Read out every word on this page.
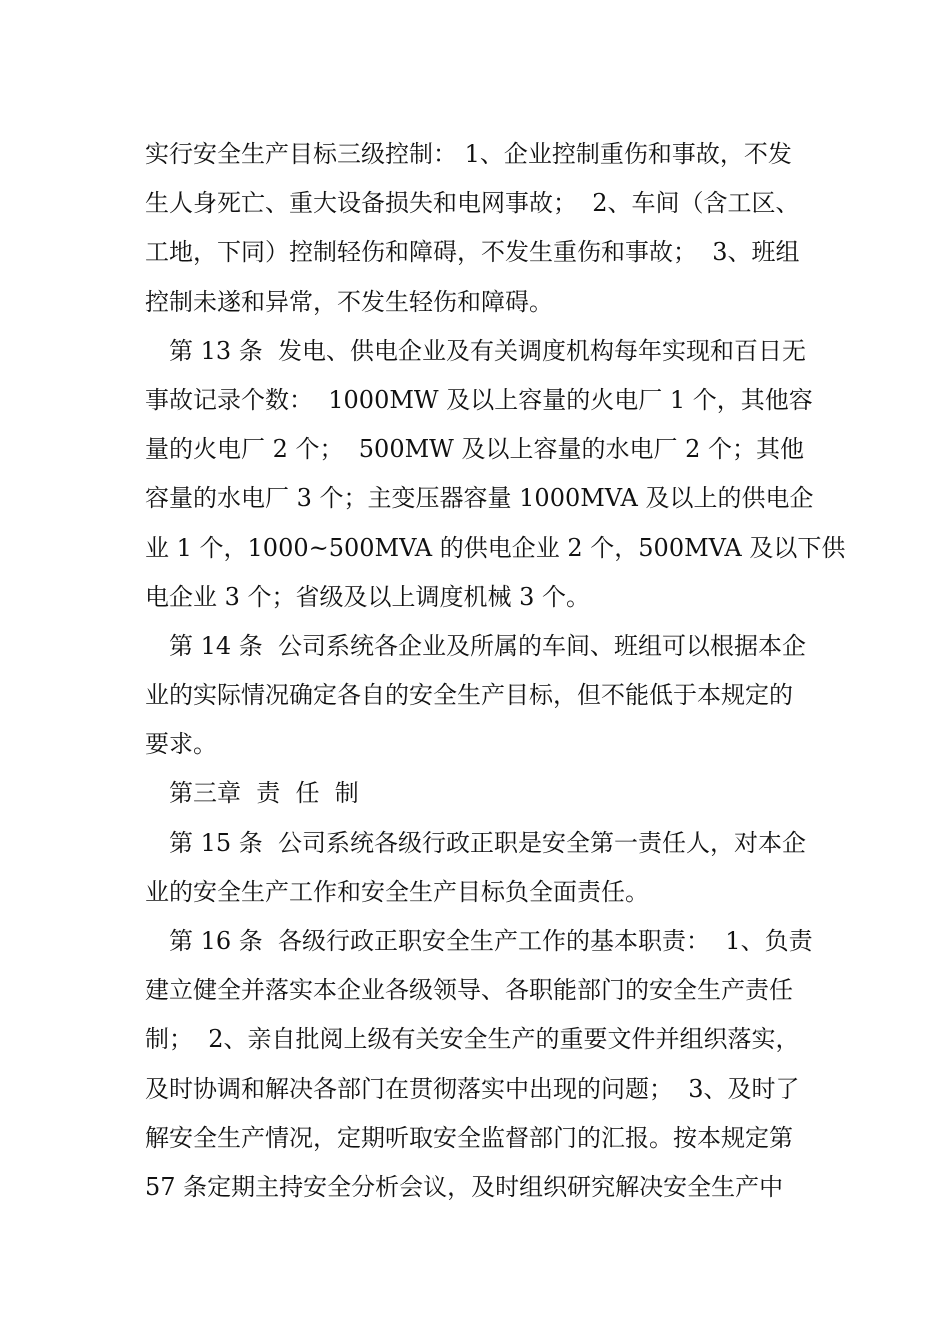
实行安全生产目标三级控制： 1、企业控制重伤和事故，不发
生人身死亡、重大设备损失和电网事故；  2、车间（含工区、
工地，下同）控制轻伤和障碍，不发生重伤和事故；  3、班组
控制未遂和异常，不发生轻伤和障碍。
第 13 条  发电、供电企业及有关调度机构每年实现和百日无
事故记录个数：  1000MW 及以上容量的火电厂 1 个，其他容
量的火电厂 2 个；  500MW 及以上容量的水电厂 2 个；其他
容量的水电厂 3 个；主变压器容量 1000MVA 及以上的供电企
业 1 个，1000~500MVA 的供电企业 2 个，500MVA 及以下供
电企业 3 个；省级及以上调度机械 3 个。
第 14 条  公司系统各企业及所属的车间、班组可以根据本企
业的实际情况确定各自的安全生产目标，但不能低于本规定的
要求。
第三章  责  任  制
第 15 条  公司系统各级行政正职是安全第一责任人，对本企
业的安全生产工作和安全生产目标负全面责任。
第 16 条  各级行政正职安全生产工作的基本职责：  1、负责
建立健全并落实本企业各级领导、各职能部门的安全生产责任
制；  2、亲自批阅上级有关安全生产的重要文件并组织落实，
及时协调和解决各部门在贯彻落实中出现的问题；  3、及时了
解安全生产情况，定期听取安全监督部门的汇报。按本规定第
57 条定期主持安全分析会议，及时组织研究解决安全生产中
